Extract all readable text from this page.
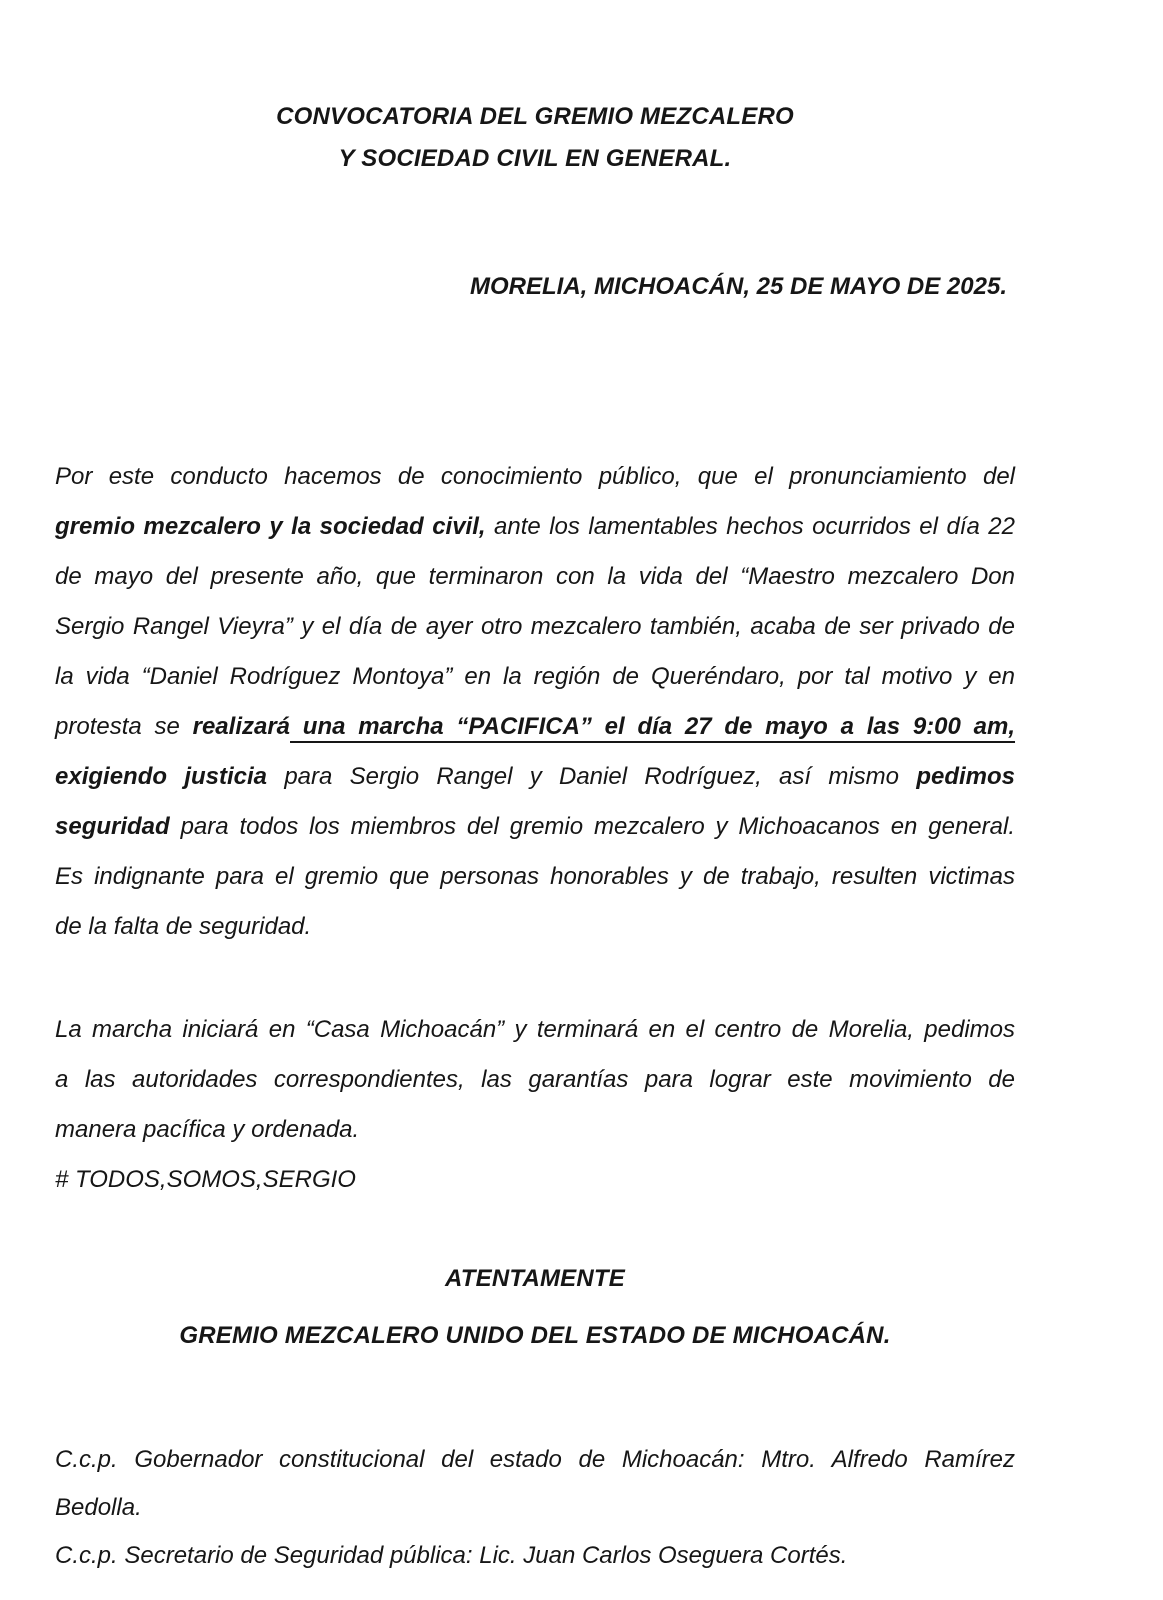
CONVOCATORIA DEL GREMIO MEZCALERO
Y SOCIEDAD CIVIL EN GENERAL.
MORELIA, MICHOACÁN, 25 DE MAYO DE 2025.
Por este conducto hacemos de conocimiento público, que el pronunciamiento del
gremio mezcalero y la sociedad civil, ante los lamentables hechos ocurridos el día 22
de mayo del presente año, que terminaron con la vida del “Maestro mezcalero Don
Sergio Rangel Vieyra” y el día de ayer otro mezcalero también, acaba de ser privado de
la vida “Daniel Rodríguez Montoya” en la región de Queréndaro, por tal motivo y en
protesta se realizará una marcha “PACIFICA” el día 27 de mayo a las 9:00 am,
exigiendo justicia para Sergio Rangel y Daniel Rodríguez, así mismo pedimos
seguridad para todos los miembros del gremio mezcalero y Michoacanos en general.
Es indignante para el gremio que personas honorables y de trabajo, resulten victimas
de la falta de seguridad.
La marcha iniciará en “Casa Michoacán” y terminará en el centro de Morelia, pedimos
a las autoridades correspondientes, las garantías para lograr este movimiento de
manera pacífica y ordenada.
# TODOS,SOMOS,SERGIO
ATENTAMENTE
GREMIO MEZCALERO UNIDO DEL ESTADO DE MICHOACÁN.
C.c.p. Gobernador constitucional del estado de Michoacán: Mtro. Alfredo Ramírez
Bedolla.
C.c.p. Secretario de Seguridad pública: Lic. Juan Carlos Oseguera Cortés.
